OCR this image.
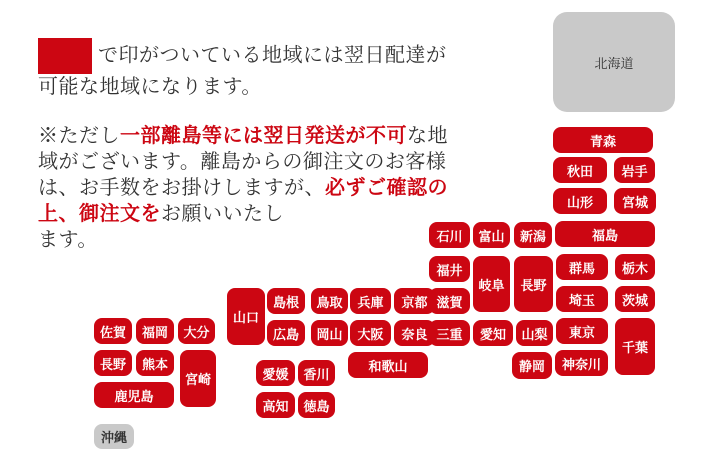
で印がついている地域には翌日配達が
可能な地域になります。

※ただし一部離島等には翌日発送が不可な地
域がございます。離島からの御注文のお客様
は、お手数をお掛けしますが、必ずご確認の
上、御注文をお願いいたし
ます。

北海道
青森
秋田	岩手
山形	宮城
石川	富山	新潟	福島
福井
岐阜	長野
群馬	栃木
滋賀	埼玉	茨城
山口
島根	鳥取	兵庫	京都
広島	岡山	大阪	奈良 三重	愛知	山梨	東京
千葉
和歌山	静岡	神奈川
佐賀	福岡	大分
長野	熊本
宮崎
鹿児島
愛媛	香川
高知	徳島
沖縄
